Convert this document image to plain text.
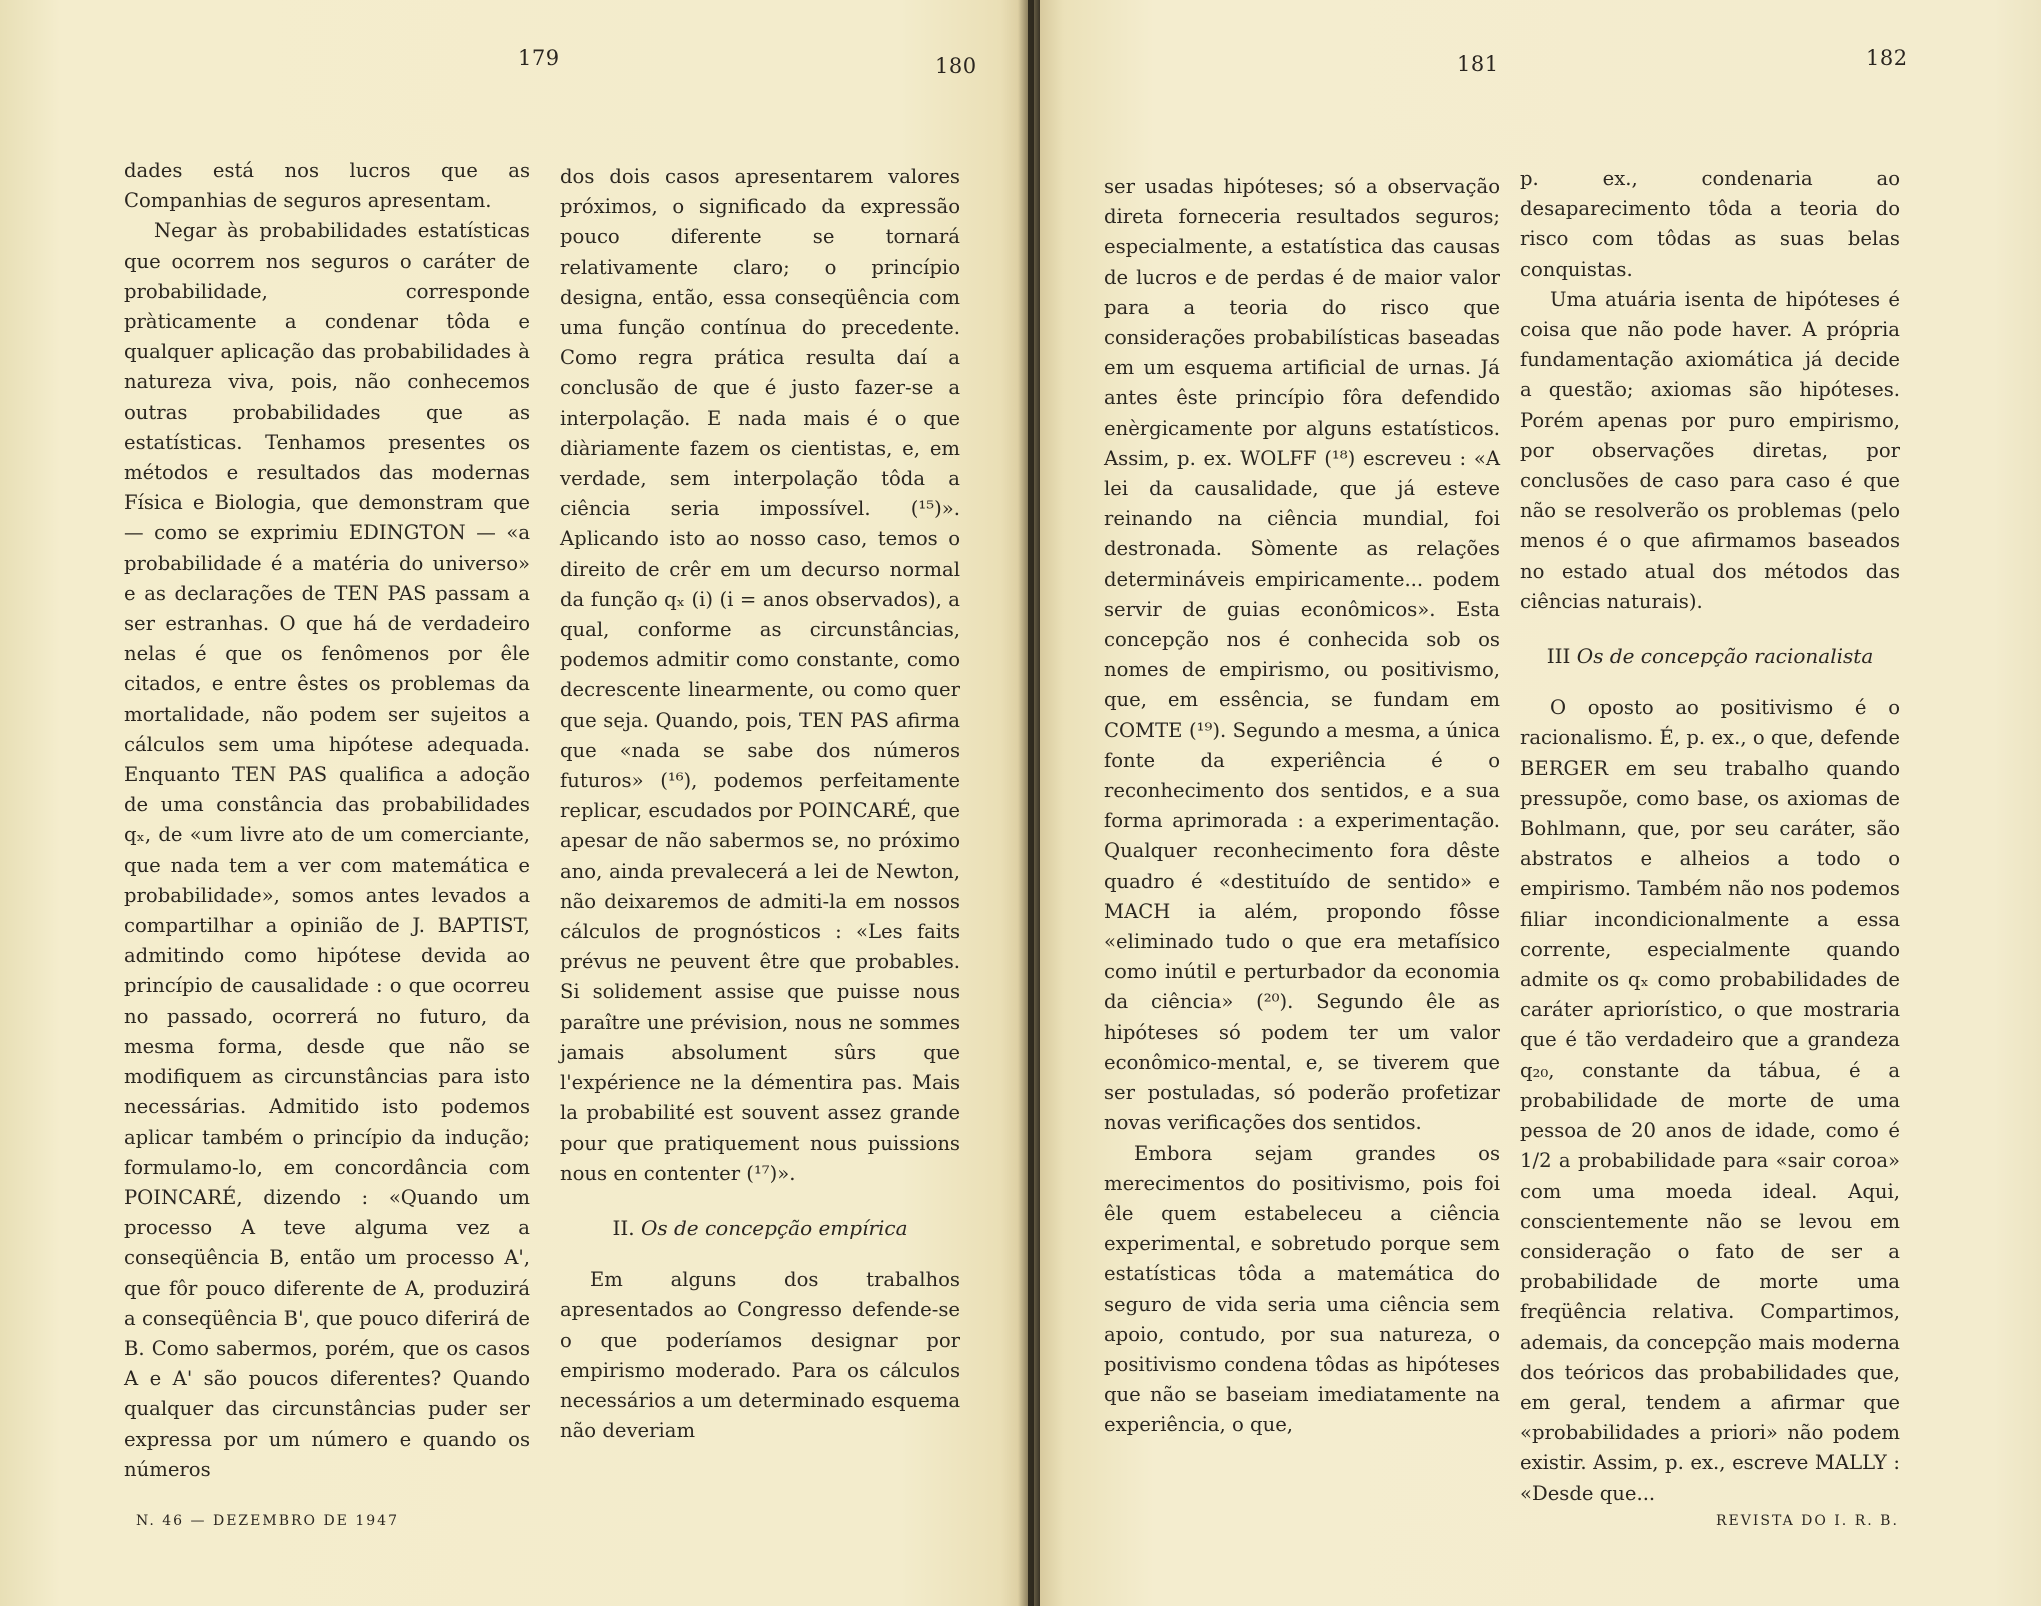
179	180	181	182

dades está nos lucros que as Companhias de seguros apresentam.

Negar às probabilidades estatísticas que ocorrem nos seguros o caráter de probabilidade, corresponde pràticamente a condenar tôda e qualquer aplicação das probabilidades à natureza viva, pois, não conhecemos outras probabilidades que as estatísticas. Tenhamos presentes os métodos e resultados das modernas Física e Biologia, que demonstram que — como se exprimiu EDINGTON — «a probabilidade é a matéria do universo» e as declarações de TEN PAS passam a ser estranhas. O que há de verdadeiro nelas é que os fenômenos por êle citados, e entre êstes os problemas da mortalidade, não podem ser sujeitos a cálculos sem uma hipótese adequada. Enquanto TEN PAS qualifica a adoção de uma constância das probabilidades qₓ, de «um livre ato de um comerciante, que nada tem a ver com matemática e probabilidade», somos antes levados a compartilhar a opinião de J. BAPTIST, admitindo como hipótese devida ao princípio de causalidade : o que ocorreu no passado, ocorrerá no futuro, da mesma forma, desde que não se modifiquem as circunstâncias para isto necessárias. Admitido isto podemos aplicar também o princípio da indução; formulamo-lo, em concordância com POINCARÉ, dizendo : «Quando um processo A teve alguma vez a conseqüência B, então um processo A', que fôr pouco diferente de A, produzirá a conseqüência B', que pouco diferirá de B. Como sabermos, porém, que os casos A e A' são poucos diferentes? Quando qualquer das circunstâncias puder ser expressa por um número e quando os números

dos dois casos apresentarem valores próximos, o significado da expressão pouco diferente se tornará relativamente claro; o princípio designa, então, essa conseqüência com uma função contínua do precedente. Como regra prática resulta daí a conclusão de que é justo fazer-se a interpolação. E nada mais é o que diàriamente fazem os cientistas, e, em verdade, sem interpolação tôda a ciência seria impossível. (¹⁵)». Aplicando isto ao nosso caso, temos o direito de crêr em um decurso normal da função qₓ (i) (i = anos observados), a qual, conforme as circunstâncias, podemos admitir como constante, como decrescente linearmente, ou como quer que seja. Quando, pois, TEN PAS afirma que «nada se sabe dos números futuros» (¹⁶), podemos perfeitamente replicar, escudados por POINCARÉ, que apesar de não sabermos se, no próximo ano, ainda prevalecerá a lei de Newton, não deixaremos de admiti-la em nossos cálculos de prognósticos : «Les faits prévus ne peuvent être que probables. Si solidement assise que puisse nous paraître une prévision, nous ne sommes jamais absolument sûrs que l'expérience ne la démentira pas. Mais la probabilité est souvent assez grande pour que pratiquement nous puissions nous en contenter (¹⁷)».

II. Os de concepção empírica

Em alguns dos trabalhos apresentados ao Congresso defende-se o que poderíamos designar por empirismo moderado. Para os cálculos necessários a um determinado esquema não deveriam

ser usadas hipóteses; só a observação direta forneceria resultados seguros; especialmente, a estatística das causas de lucros e de perdas é de maior valor para a teoria do risco que considerações probabilísticas baseadas em um esquema artificial de urnas. Já antes êste princípio fôra defendido enèrgicamente por alguns estatísticos. Assim, p. ex. WOLFF (¹⁸) escreveu : «A lei da causalidade, que já esteve reinando na ciência mundial, foi destronada. Sòmente as relações determináveis empiricamente... podem servir de guias econômicos». Esta concepção nos é conhecida sob os nomes de empirismo, ou positivismo, que, em essência, se fundam em COMTE (¹⁹). Segundo a mesma, a única fonte da experiência é o reconhecimento dos sentidos, e a sua forma aprimorada : a experimentação. Qualquer reconhecimento fora dêste quadro é «destituído de sentido» e MACH ia além, propondo fôsse «eliminado tudo o que era metafísico como inútil e perturbador da economia da ciência» (²⁰). Segundo êle as hipóteses só podem ter um valor econômico-mental, e, se tiverem que ser postuladas, só poderão profetizar novas verificações dos sentidos.

Embora sejam grandes os merecimentos do positivismo, pois foi êle quem estabeleceu a ciência experimental, e sobretudo porque sem estatísticas tôda a matemática do seguro de vida seria uma ciência sem apoio, contudo, por sua natureza, o positivismo condena tôdas as hipóteses que não se baseiam imediatamente na experiência, o que,

p. ex., condenaria ao desaparecimento tôda a teoria do risco com tôdas as suas belas conquistas.

Uma atuária isenta de hipóteses é coisa que não pode haver. A própria fundamentação axiomática já decide a questão; axiomas são hipóteses. Porém apenas por puro empirismo, por observações diretas, por conclusões de caso para caso é que não se resolverão os problemas (pelo menos é o que afirmamos baseados no estado atual dos métodos das ciências naturais).

III Os de concepção racionalista

O oposto ao positivismo é o racionalismo. É, p. ex., o que, defende BERGER em seu trabalho quando pressupõe, como base, os axiomas de Bohlmann, que, por seu caráter, são abstratos e alheios a todo o empirismo. Também não nos podemos filiar incondicionalmente a essa corrente, especialmente quando admite os qₓ como probabilidades de caráter apriorístico, o que mostraria que é tão verdadeiro que a grandeza q₂₀, constante da tábua, é a probabilidade de morte de uma pessoa de 20 anos de idade, como é 1/2 a probabilidade para «sair coroa» com uma moeda ideal. Aqui, conscientemente não se levou em consideração o fato de ser a probabilidade de morte uma freqüência relativa. Compartimos, ademais, da concepção mais moderna dos teóricos das probabilidades que, em geral, tendem a afirmar que «probabilidades a priori» não podem existir. Assim, p. ex., escreve MALLY : «Desde que...

N. 46 — DEZEMBRO DE 1947	REVISTA DO I. R. B.
